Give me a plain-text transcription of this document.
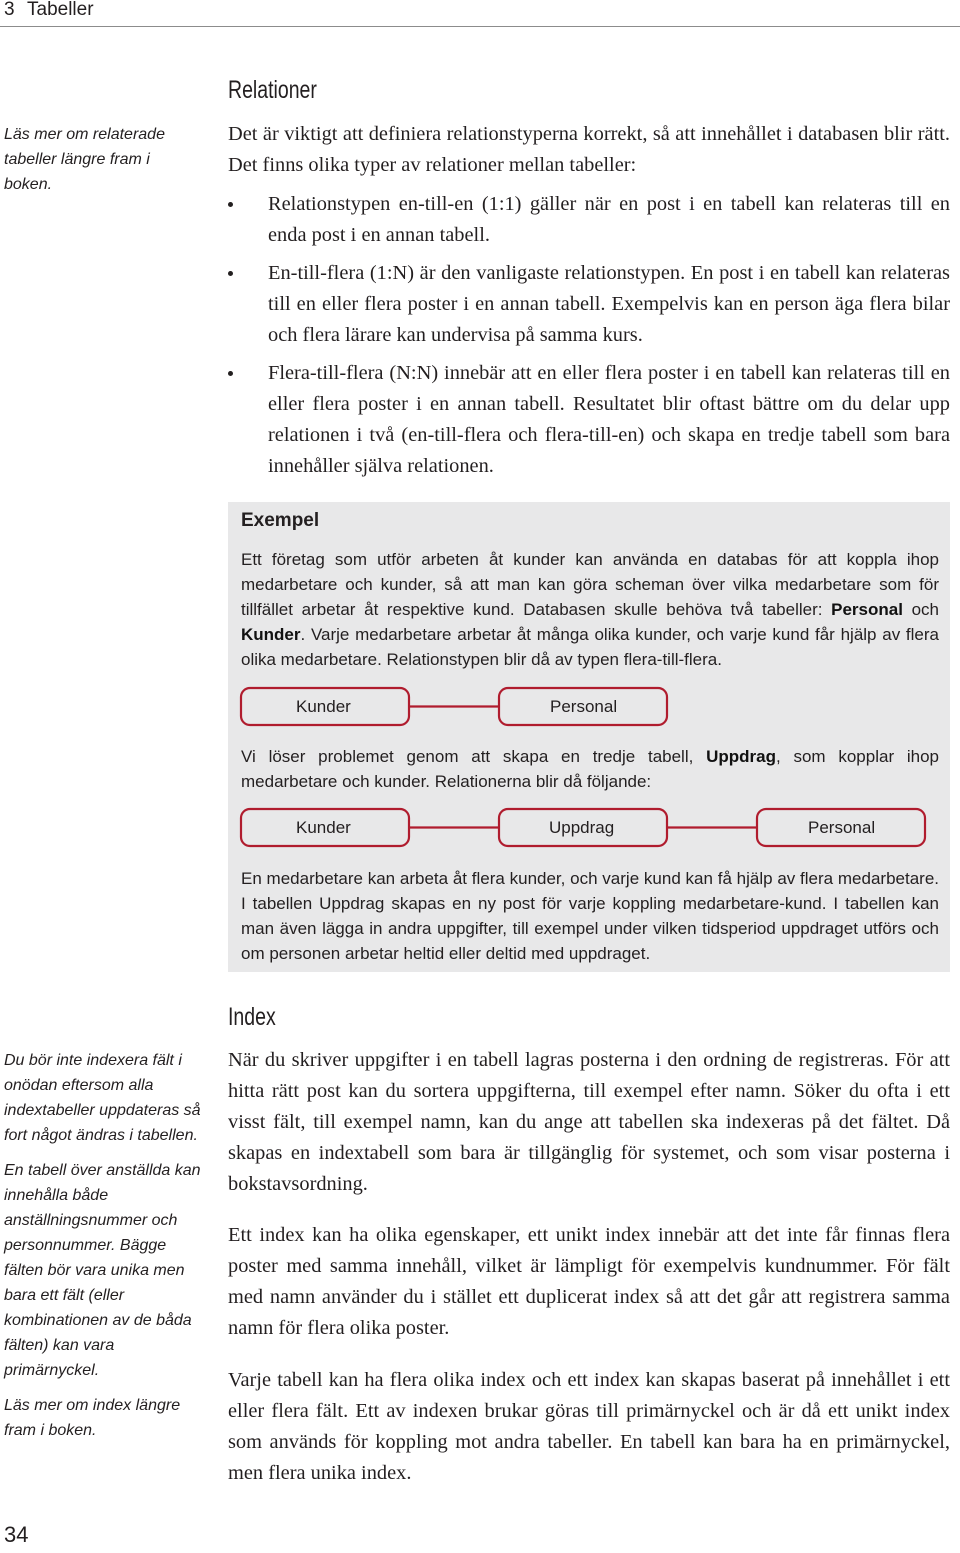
3 Tabeller

Läs mer om relaterade tabeller längre fram i boken.

Du bör inte indexera fält i onödan eftersom alla indextabeller uppdateras så fort något ändras i tabellen.

En tabell över anställda kan innehålla både anställningsnummer och personnummer. Bägge fälten bör vara unika men bara ett fält (eller kombinationen av de båda fälten) kan vara primärnyckel.

Läs mer om index längre fram i boken.

Relationer

Det är viktigt att definiera relationstyperna korrekt, så att innehållet i databasen blir rätt. Det finns olika typer av relationer mellan tabeller:

Relationstypen en-till-en (1:1) gäller när en post i en tabell kan relateras till en enda post i en annan tabell.
En-till-flera (1:N) är den vanligaste relationstypen. En post i en tabell kan relateras till en eller flera poster i en annan tabell. Exempelvis kan en person äga flera bilar och flera lärare kan undervisa på samma kurs.
Flera-till-flera (N:N) innebär att en eller flera poster i en tabell kan relateras till en eller flera poster i en annan tabell. Resultatet blir oftast bättre om du delar upp relationen i två (en-till-flera och flera-till-en) och skapa en tredje tabell som bara innehåller själva relationen.
Exempel
Ett företag som utför arbeten åt kunder kan använda en databas för att koppla ihop medarbetare och kunder, så att man kan göra scheman över vilka medarbetare som för tillfället arbetar åt respektive kund. Databasen skulle behöva två tabeller: Personal och Kunder. Varje medarbetare arbetar åt många olika kunder, och varje kund får hjälp av flera olika medarbetare. Relationstypen blir då av typen flera-till-flera.
Kunder	Personal
Kunder	Uppdrag	Personal
Vi löser problemet genom att skapa en tredje tabell, Uppdrag, som kopplar ihop medarbetare och kunder. Relationerna blir då följande:
En medarbetare kan arbeta åt flera kunder, och varje kund kan få hjälp av flera medarbetare. I tabellen Uppdrag skapas en ny post för varje koppling medarbetare-kund. I tabellen kan man även lägga in andra uppgifter, till exempel under vilken tidsperiod uppdraget utförs och om personen arbetar heltid eller deltid med uppdraget.
Index

När du skriver uppgifter i en tabell lagras posterna i den ordning de registreras. För att hitta rätt post kan du sortera uppgifterna, till exempel efter namn. Söker du ofta i ett visst fält, till exempel namn, kan du ange att tabellen ska indexeras på det fältet. Då skapas en indextabell som bara är tillgänglig för systemet, och som visar posterna i bokstavsordning.

Ett index kan ha olika egenskaper, ett unikt index innebär att det inte får finnas flera poster med samma innehåll, vilket är lämpligt för exempelvis kundnummer. För fält med namn använder du i stället ett duplicerat index så att det går att registrera samma namn för flera olika poster.

Varje tabell kan ha flera olika index och ett index kan skapas baserat på innehållet i ett eller flera fält. Ett av indexen brukar göras till primärnyckel och är då ett unikt index som används för koppling mot andra tabeller. En tabell kan bara ha en primärnyckel, men flera unika index.

34
